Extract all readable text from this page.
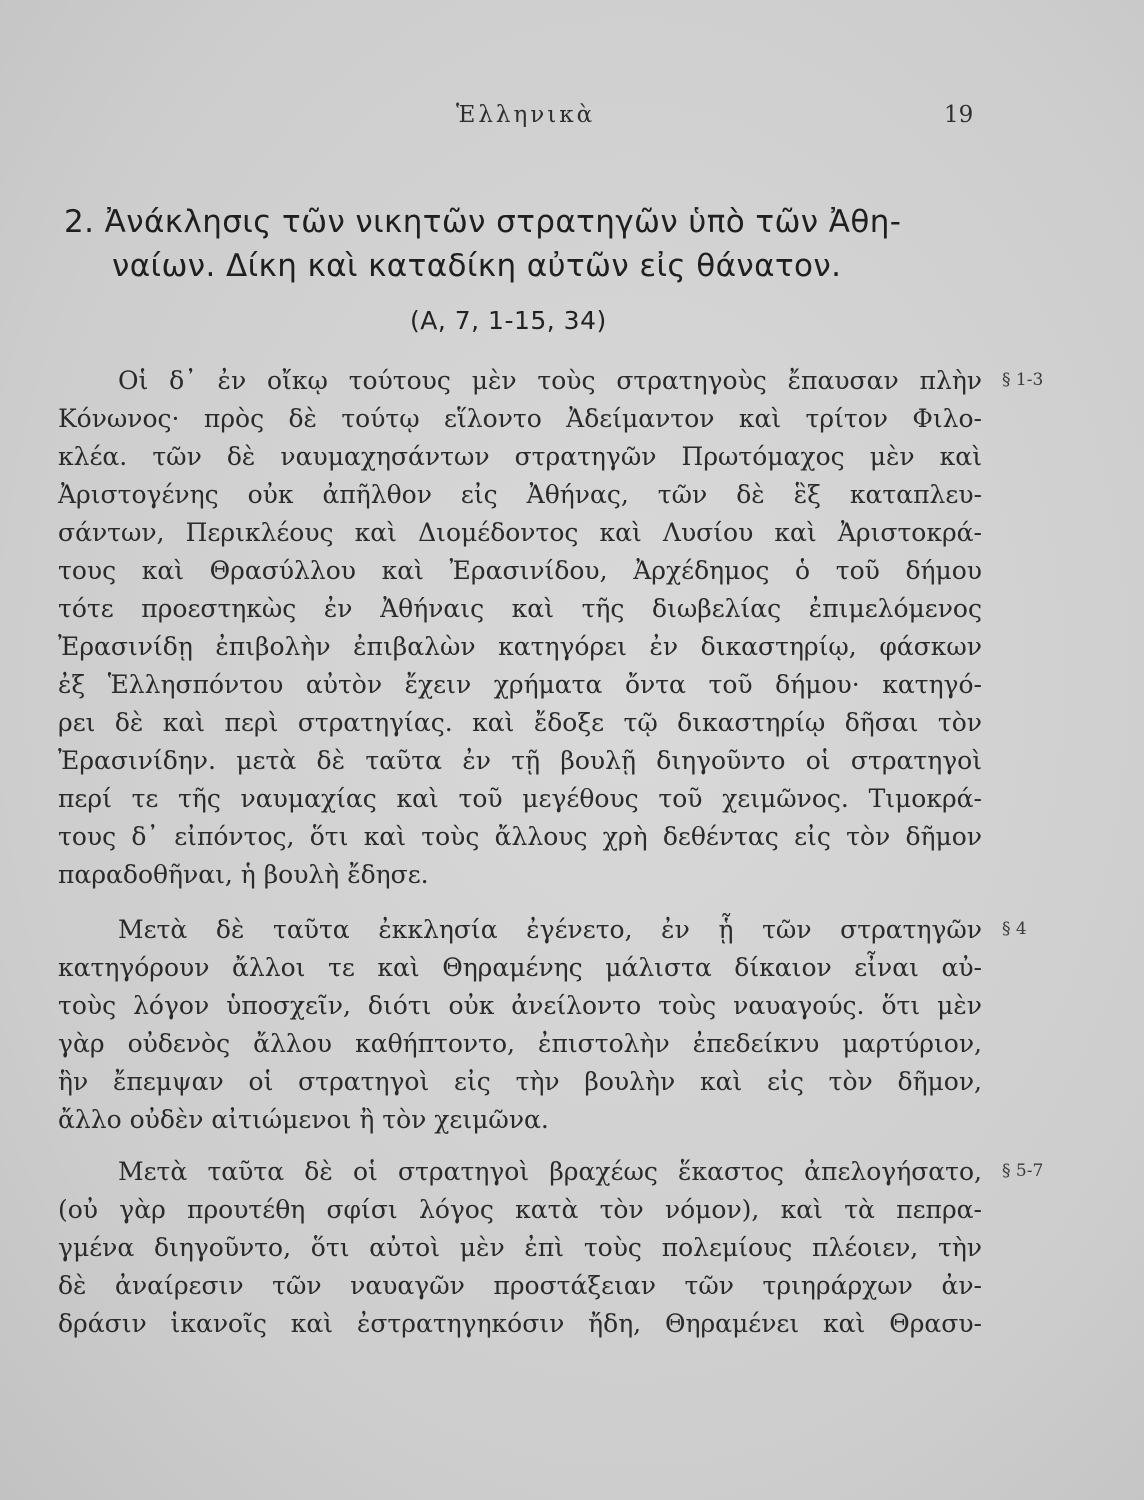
Ἑλληνικὰ	19
2. Ἀνάκλησις τῶν νικητῶν στρατηγῶν ὑπὸ τῶν Ἀθη-
ναίων. Δίκη καὶ καταδίκη αὐτῶν εἰς θάνατον.
(Α, 7, 1-15, 34)
Οἱ δ᾽ ἐν οἴκῳ τούτους μὲν τοὺς στρατηγοὺς ἔπαυσαν πλὴν
Κόνωνος· πρὸς δὲ τούτῳ εἵλοντο Ἀδείμαντον καὶ τρίτον Φιλο-
κλέα. τῶν δὲ ναυμαχησάντων στρατηγῶν Πρωτόμαχος μὲν καὶ
Ἀριστογένης οὐκ ἀπῆλθον εἰς Ἀθήνας, τῶν δὲ ἓξ καταπλευ-
σάντων, Περικλέους καὶ Διομέδοντος καὶ Λυσίου καὶ Ἀριστοκρά-
τους καὶ Θρασύλλου καὶ Ἐρασινίδου, Ἀρχέδημος ὁ τοῦ δήμου
τότε προεστηκὼς ἐν Ἀθήναις καὶ τῆς διωβελίας ἐπιμελόμενος
Ἐρασινίδῃ ἐπιβολὴν ἐπιβαλὼν κατηγόρει ἐν δικαστηρίῳ, φάσκων
ἐξ Ἑλλησπόντου αὐτὸν ἔχειν χρήματα ὄντα τοῦ δήμου· κατηγό-
ρει δὲ καὶ περὶ στρατηγίας. καὶ ἔδοξε τῷ δικαστηρίῳ δῆσαι τὸν
Ἐρασινίδην. μετὰ δὲ ταῦτα ἐν τῇ βουλῇ διηγοῦντο οἱ στρατηγοὶ
περί τε τῆς ναυμαχίας καὶ τοῦ μεγέθους τοῦ χειμῶνος. Τιμοκρά-
τους δ᾽ εἰπόντος, ὅτι καὶ τοὺς ἄλλους χρὴ δεθέντας εἰς τὸν δῆμον
παραδοθῆναι, ἡ βουλὴ ἔδησε.
Μετὰ δὲ ταῦτα ἐκκλησία ἐγένετο, ἐν ᾗ τῶν στρατηγῶν
κατηγόρουν ἄλλοι τε καὶ Θηραμένης μάλιστα δίκαιον εἶναι αὐ-
τοὺς λόγον ὑποσχεῖν, διότι οὐκ ἀνείλοντο τοὺς ναυαγούς. ὅτι μὲν
γὰρ οὐδενὸς ἄλλου καθήπτοντο, ἐπιστολὴν ἐπεδείκνυ μαρτύριον,
ἣν ἔπεμψαν οἱ στρατηγοὶ εἰς τὴν βουλὴν καὶ εἰς τὸν δῆμον,
ἄλλο οὐδὲν αἰτιώμενοι ἢ τὸν χειμῶνα.
Μετὰ ταῦτα δὲ οἱ στρατηγοὶ βραχέως ἕκαστος ἀπελογήσατο,
(οὐ γὰρ προυτέθη σφίσι λόγος κατὰ τὸν νόμον), καὶ τὰ πεπρα-
γμένα διηγοῦντο, ὅτι αὐτοὶ μὲν ἐπὶ τοὺς πολεμίους πλέοιεν, τὴν
δὲ ἀναίρεσιν τῶν ναυαγῶν προστάξειαν τῶν τριηράρχων ἀν-
δράσιν ἱκανοῖς καὶ ἐστρατηγηκόσιν ἤδη, Θηραμένει καὶ Θρασυ-
§ 1-3
§ 4
§ 5-7
